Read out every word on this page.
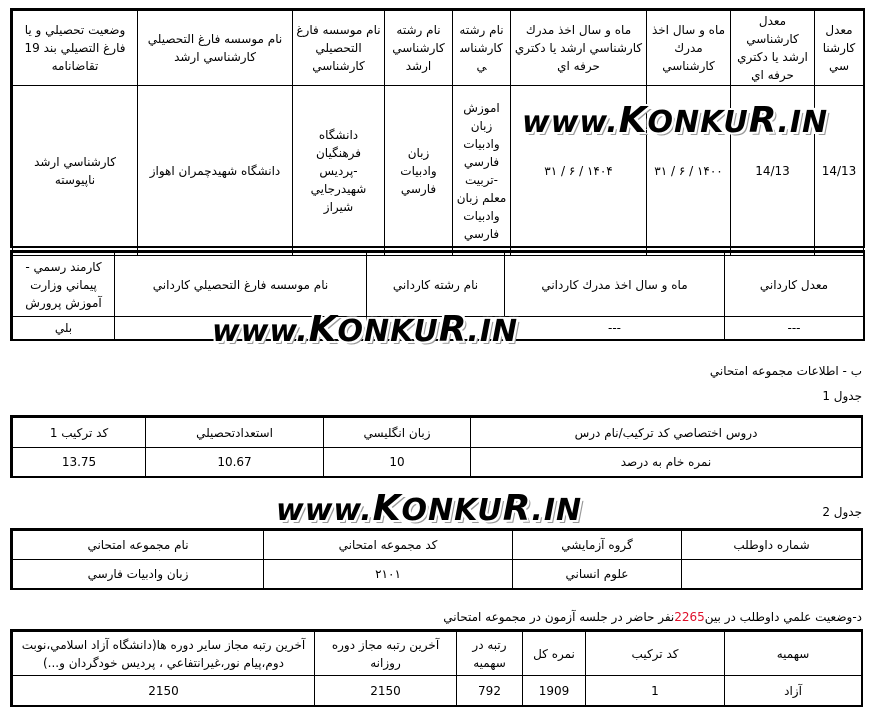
معدل كارشناسي	معدل كارشناسي ارشد يا دكتري حرفه اي	ماه و سال اخذ مدرك كارشناسي	ماه و سال اخذ مدرك كارشناسي ارشد يا دكتري حرفه اي	نام رشته كارشناسي	نام رشته كارشناسي ارشد	نام موسسه فارغ التحصيلي كارشناسي	نام موسسه فارغ التحصيلي كارشناسي ارشد	وضعيت تحصيلي و يا فارغ التصيلي بند 19 تقاضانامه
14/13	14/13	۱۴۰۰ / ۶ / ۳۱	۱۴۰۴ / ۶ / ۳۱	اموزش زبان وادبيات فارسي -تربيت معلم زبان وادبيات فارسي	زبان وادبيات فارسي	دانشگاه فرهنگيان -پرديس شهيدرجايي شيراز	دانشگاه شهيدچمران اهواز	كارشناسي ارشد ناپيوسته
معدل كارداني	ماه و سال اخذ مدرك كارداني	نام رشته كارداني	نام موسسه فارغ التحصيلي كارداني	كارمند رسمي - پيماني وزارت آموزش پرورش
---	---			بلي
ب - اطلاعات مجموعه امتحاني
جدول 1
دروس اختصاصي كد تركيب/نام درس	زبان انگليسي	استعدادتحصيلي	كد تركيب 1
نمره خام به درصد	10	10.67	13.75
جدول 2
شماره داوطلب	گروه آزمايشي	كد مجموعه امتحاني	نام مجموعه امتحاني
	علوم انساني	۲۱۰۱	زبان وادبيات فارسي
د-وضعيت علمي داوطلب در بين2265نفر حاضر در جلسه آزمون در مجموعه امتحاني
سهميه	كد تركيب	نمره كل	رتبه در سهميه	آخرين رتبه مجاز دوره روزانه	آخرين رتبه مجاز ساير دوره ها(دانشگاه آزاد اسلامي،نوبت دوم،پيام نور،غيرانتفاعي ، پرديس خودگردان و...)
آزاد	1	1909	792	2150	2150
www.KONKUR.IN
www.KONKUR.IN
www.KONKUR.IN
